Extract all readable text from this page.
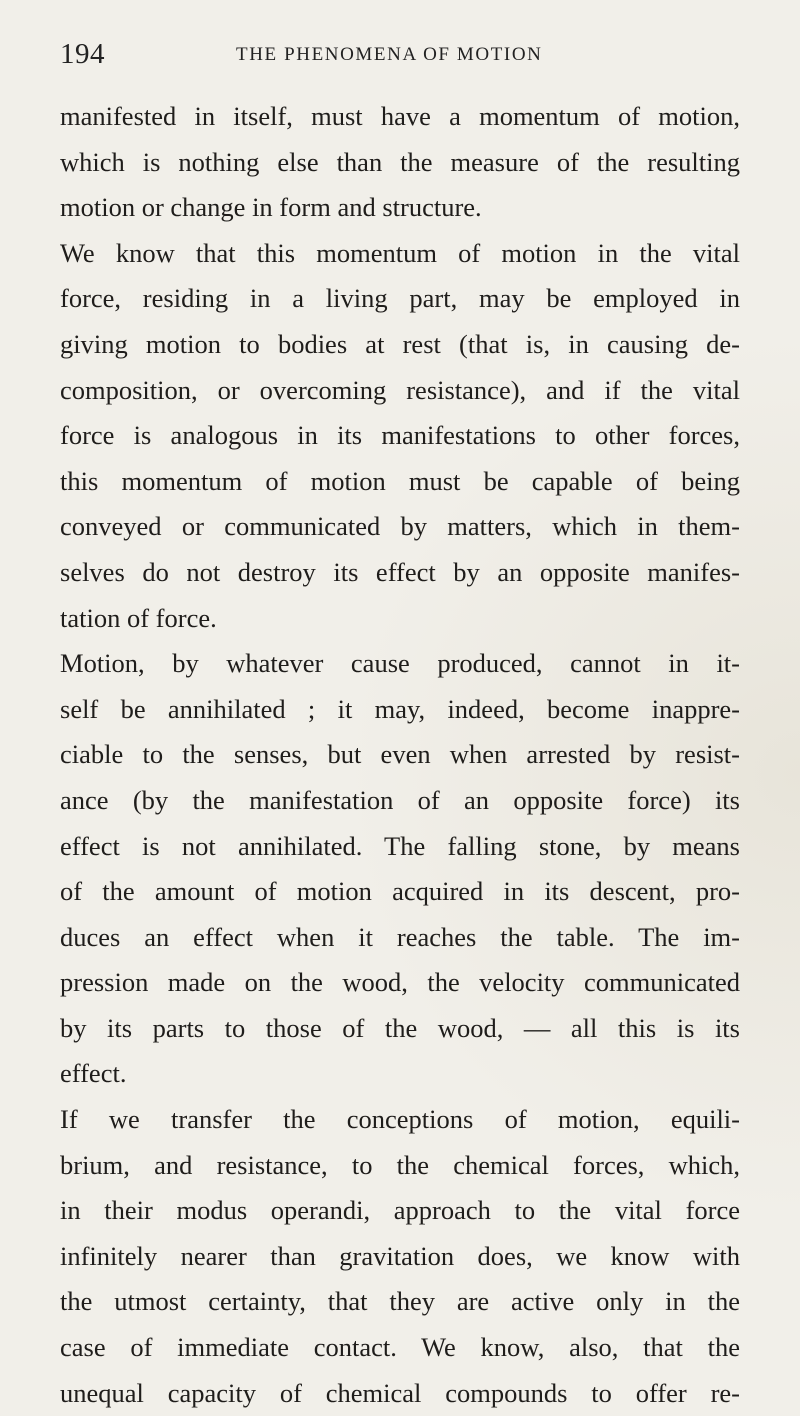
194	THE PHENOMENA OF MOTION
manifested in itself, must have a momentum of motion,
which is nothing else than the measure of the resulting
motion or change in form and structure.
We know that this momentum of motion in the vital
force, residing in a living part, may be employed in
giving motion to bodies at rest (that is, in causing de-
composition, or overcoming resistance), and if the vital
force is analogous in its manifestations to other forces,
this momentum of motion must be capable of being
conveyed or communicated by matters, which in them-
selves do not destroy its effect by an opposite manifes-
tation of force.
Motion, by whatever cause produced, cannot in it-
self be annihilated ; it may, indeed, become inappre-
ciable to the senses, but even when arrested by resist-
ance (by the manifestation of an opposite force) its
effect is not annihilated. The falling stone, by means
of the amount of motion acquired in its descent, pro-
duces an effect when it reaches the table. The im-
pression made on the wood, the velocity communicated
by its parts to those of the wood, — all this is its
effect.
If we transfer the conceptions of motion, equili-
brium, and resistance, to the chemical forces, which,
in their modus operandi, approach to the vital force
infinitely nearer than gravitation does, we know with
the utmost certainty, that they are active only in the
case of immediate contact. We know, also, that the
unequal capacity of chemical compounds to offer re-
